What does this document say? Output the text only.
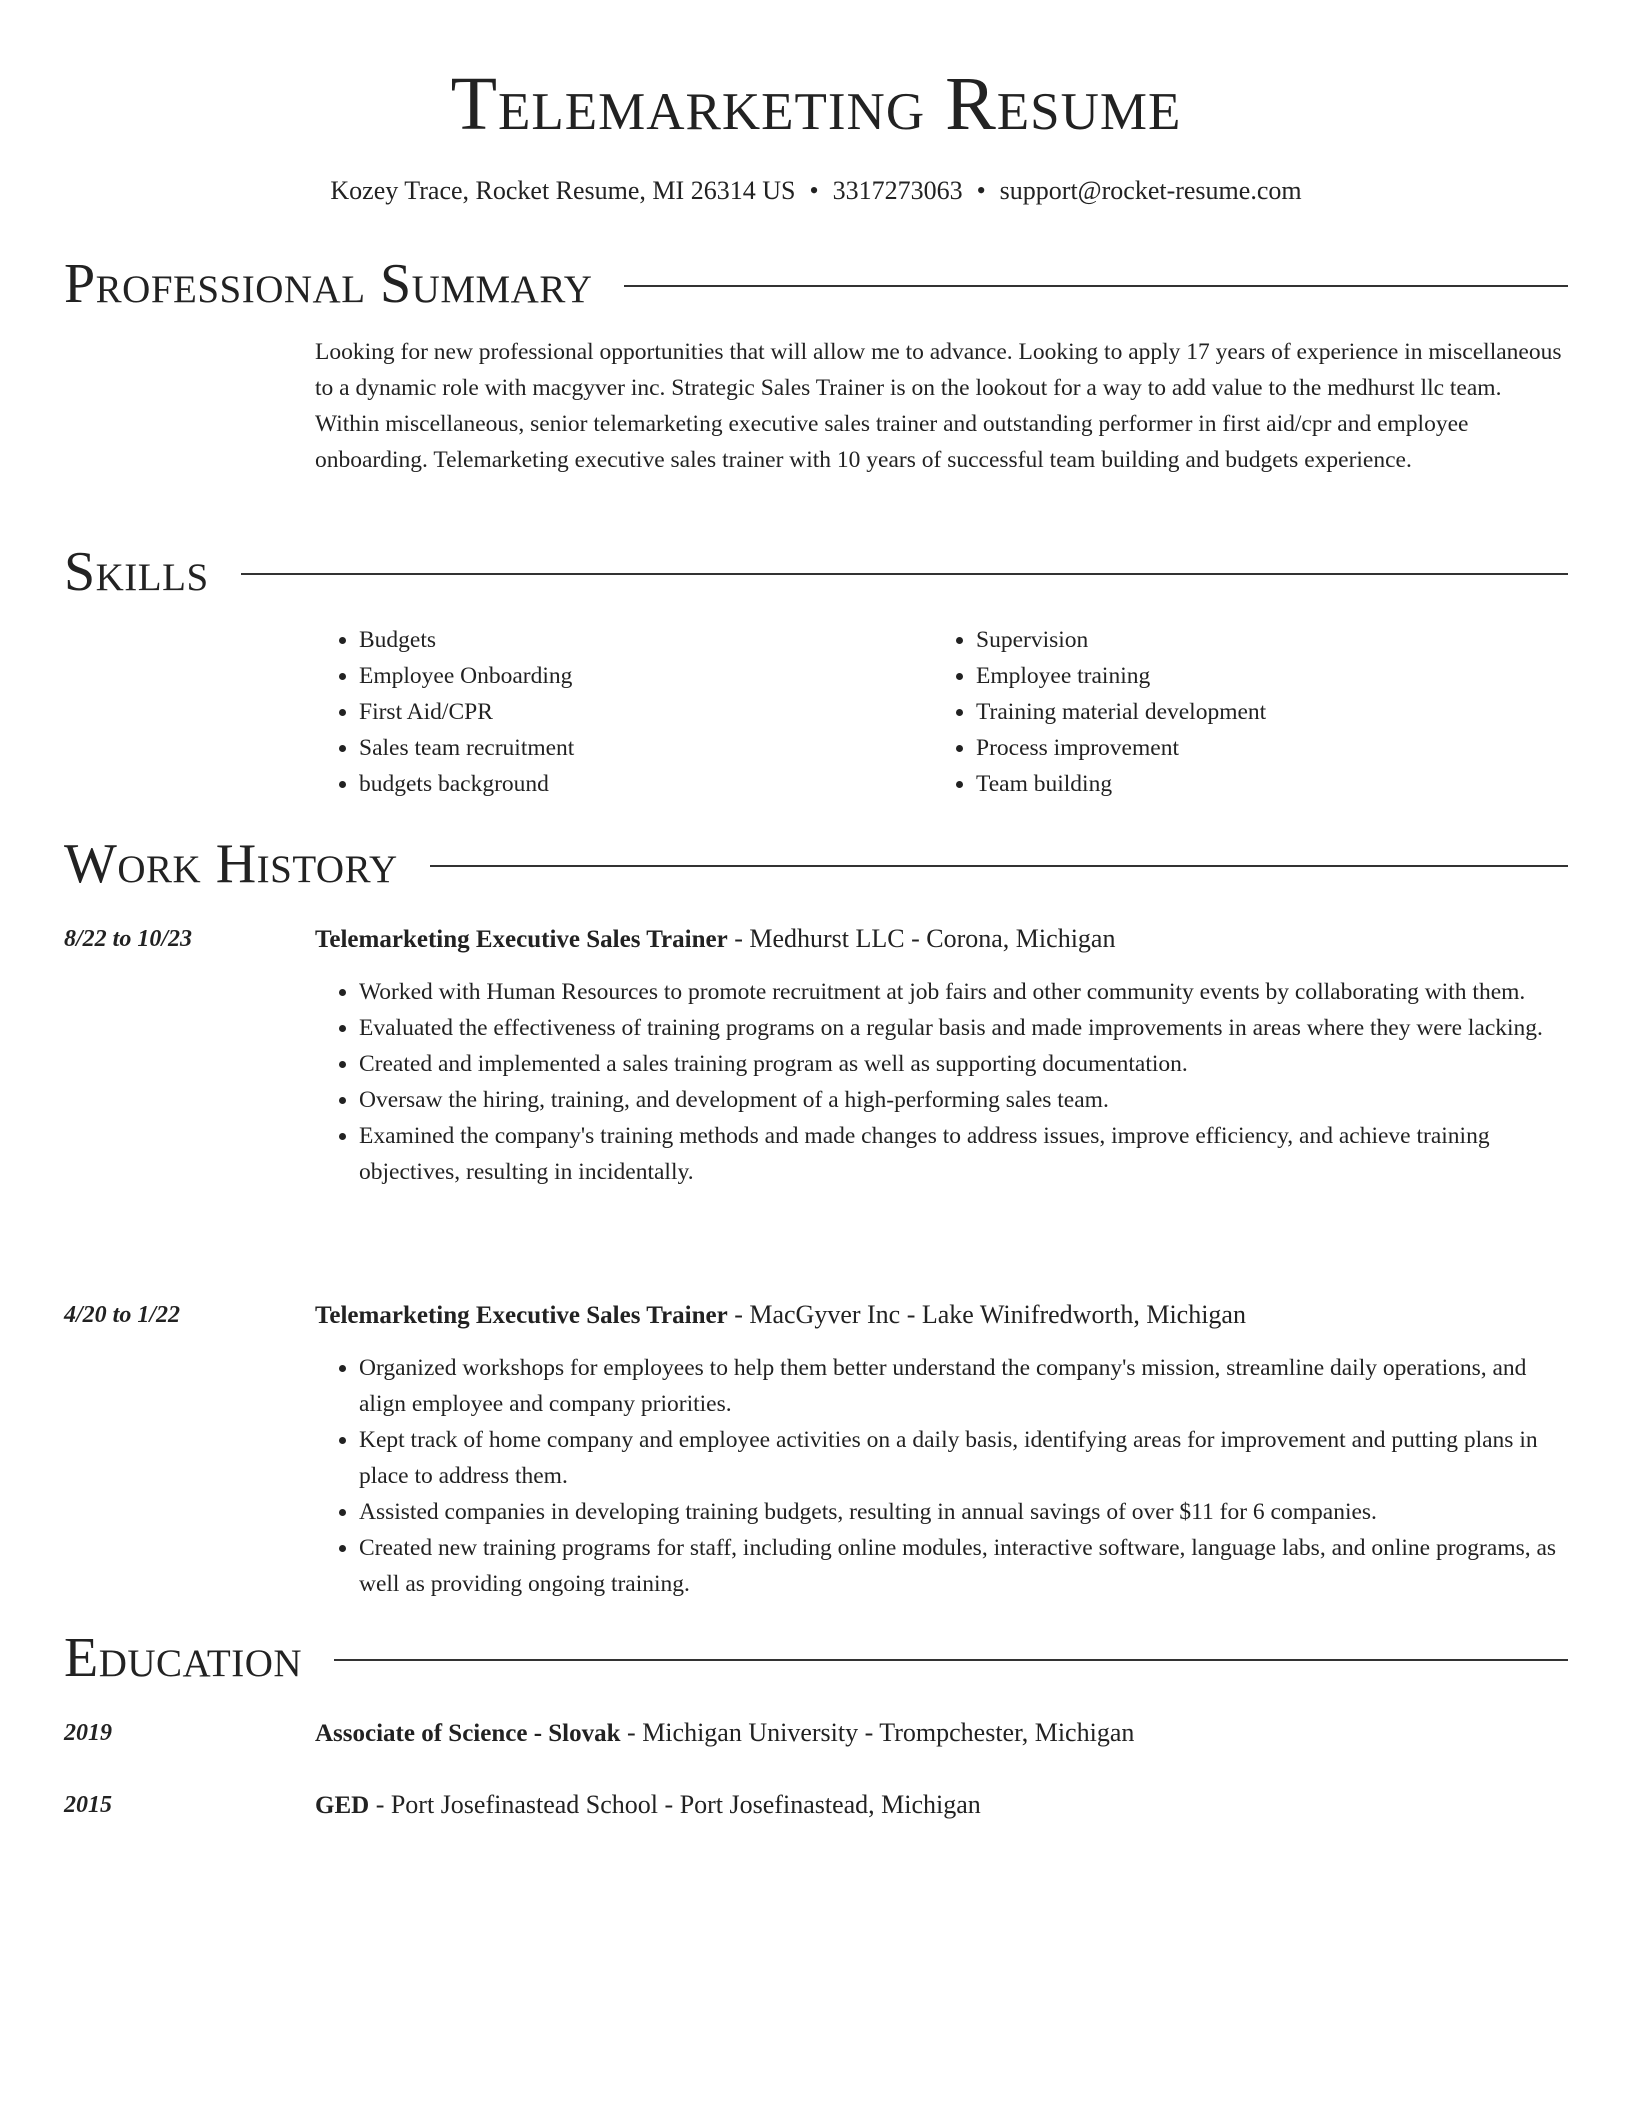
Telemarketing Resume
Kozey Trace, Rocket Resume, MI 26314 US • 3317273063 • support@rocket-resume.com
Professional Summary

Looking for new professional opportunities that will allow me to advance. Looking to apply 17 years of experience in miscellaneous to a dynamic role with macgyver inc. Strategic Sales Trainer is on the lookout for a way to add value to the medhurst llc team. Within miscellaneous, senior telemarketing executive sales trainer and outstanding performer in first aid/cpr and employee onboarding. Telemarketing executive sales trainer with 10 years of successful team building and budgets experience.

Skills
• Budgets
• Employee Onboarding
• First Aid/CPR
• Sales team recruitment
• budgets background
• Supervision
• Employee training
• Training material development
• Process improvement
• Team building
Work History
8/22 to 10/23	Telemarketing Executive Sales Trainer - Medhurst LLC - Corona, Michigan
• Worked with Human Resources to promote recruitment at job fairs and other community events by collaborating with them.
• Evaluated the effectiveness of training programs on a regular basis and made improvements in areas where they were lacking.
• Created and implemented a sales training program as well as supporting documentation.
• Oversaw the hiring, training, and development of a high-performing sales team.
• Examined the company's training methods and made changes to address issues, improve efficiency, and achieve training objectives, resulting in incidentally.
4/20 to 1/22	Telemarketing Executive Sales Trainer - MacGyver Inc - Lake Winifredworth, Michigan
• Organized workshops for employees to help them better understand the company's mission, streamline daily operations, and align employee and company priorities.
• Kept track of home company and employee activities on a daily basis, identifying areas for improvement and putting plans in place to address them.
• Assisted companies in developing training budgets, resulting in annual savings of over $11 for 6 companies.
• Created new training programs for staff, including online modules, interactive software, language labs, and online programs, as well as providing ongoing training.
Education
2019	Associate of Science - Slovak - Michigan University - Trompchester, Michigan
2015	GED - Port Josefinastead School - Port Josefinastead, Michigan
